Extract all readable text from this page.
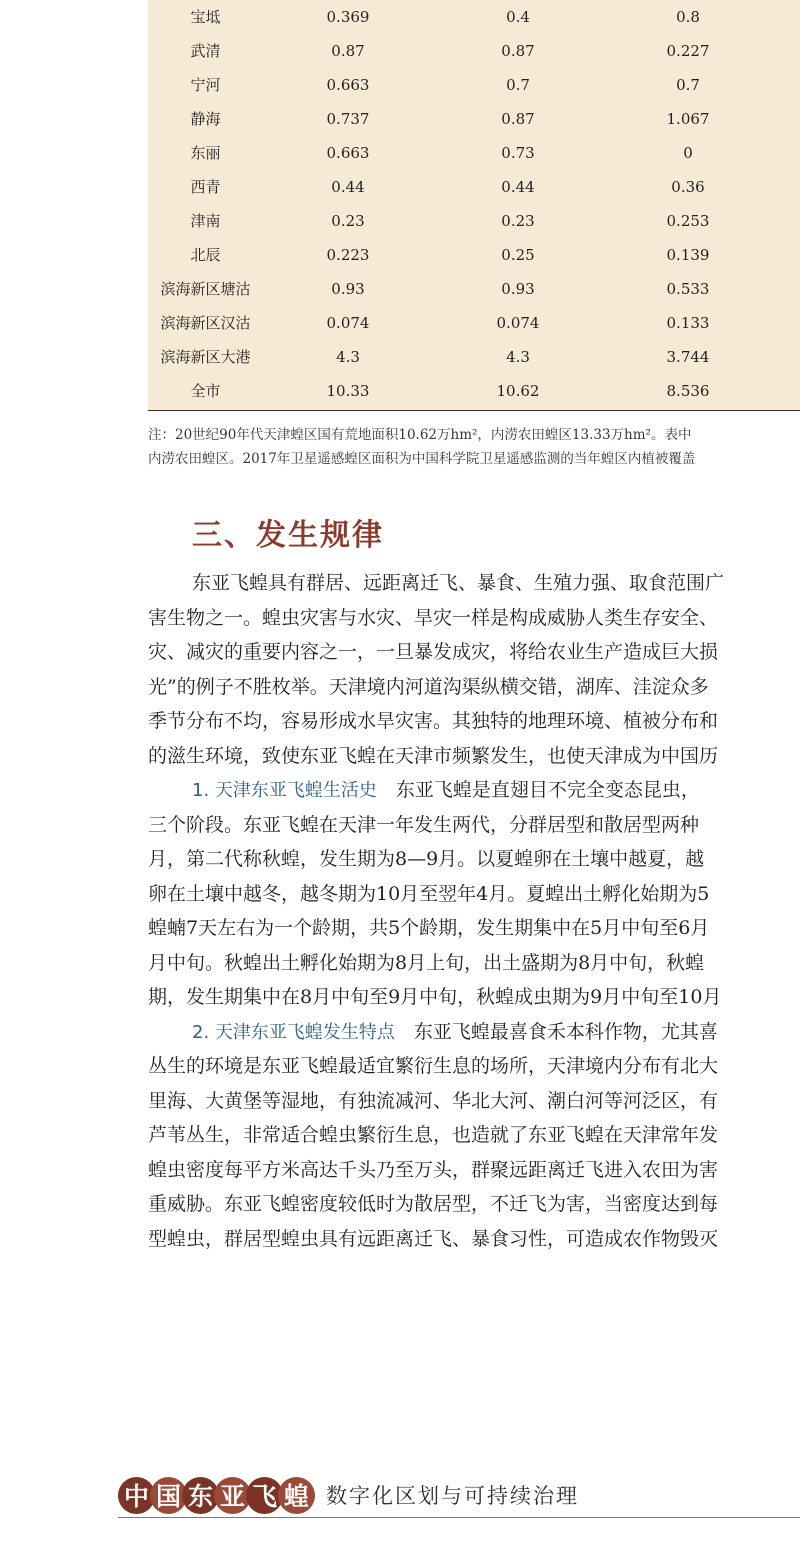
宝坻	0.369	0.4	0.8
武清	0.87	0.87	0.227
宁河	0.663	0.7	0.7
静海	0.737	0.87	1.067
东丽	0.663	0.73	0
西青	0.44	0.44	0.36
津南	0.23	0.23	0.253
北辰	0.223	0.25	0.139
滨海新区塘沽	0.93	0.93	0.533
滨海新区汉沽	0.074	0.074	0.133
滨海新区大港	4.3	4.3	3.744
全市	10.33	10.62	8.536
注：20世纪90年代天津蝗区国有荒地面积10.62万hm²，内涝农田蝗区13.33万hm²。表中
内涝农田蝗区。2017年卫星遥感蝗区面积为中国科学院卫星遥感监测的当年蝗区内植被覆盖
三、发生规律
东亚飞蝗具有群居、远距离迁飞、暴食、生殖力强、取食范围广
害生物之一。蝗虫灾害与水灾、旱灾一样是构成威胁人类生存安全、
灾、减灾的重要内容之一，一旦暴发成灾，将给农业生产造成巨大损
光”的例子不胜枚举。天津境内河道沟渠纵横交错，湖库、洼淀众多
季节分布不均，容易形成水旱灾害。其独特的地理环境、植被分布和
的滋生环境，致使东亚飞蝗在天津市频繁发生，也使天津成为中国历
1. 天津东亚飞蝗生活史　 东亚飞蝗是直翅目不完全变态昆虫，
三个阶段。东亚飞蝗在天津一年发生两代，分群居型和散居型两种
月，第二代称秋蝗，发生期为8—9月。以夏蝗卵在土壤中越夏，越
卵在土壤中越冬，越冬期为10月至翌年4月。夏蝗出土孵化始期为5
蝗蝻7天左右为一个龄期，共5个龄期，发生期集中在5月中旬至6月
月中旬。秋蝗出土孵化始期为8月上旬，出土盛期为8月中旬，秋蝗
期，发生期集中在8月中旬至9月中旬，秋蝗成虫期为9月中旬至10月
2. 天津东亚飞蝗发生特点　 东亚飞蝗最喜食禾本科作物，尤其喜
丛生的环境是东亚飞蝗最适宜繁衍生息的场所，天津境内分布有北大
里海、大黄堡等湿地，有独流减河、华北大河、潮白河等河泛区，有
芦苇丛生，非常适合蝗虫繁衍生息，也造就了东亚飞蝗在天津常年发
蝗虫密度每平方米高达千头乃至万头，群聚远距离迁飞进入农田为害
重威胁。东亚飞蝗密度较低时为散居型，不迁飞为害，当密度达到每
型蝗虫，群居型蝗虫具有远距离迁飞、暴食习性，可造成农作物毁灭
中 国 东 亚 飞 蝗 数字化区划与可持续治理
